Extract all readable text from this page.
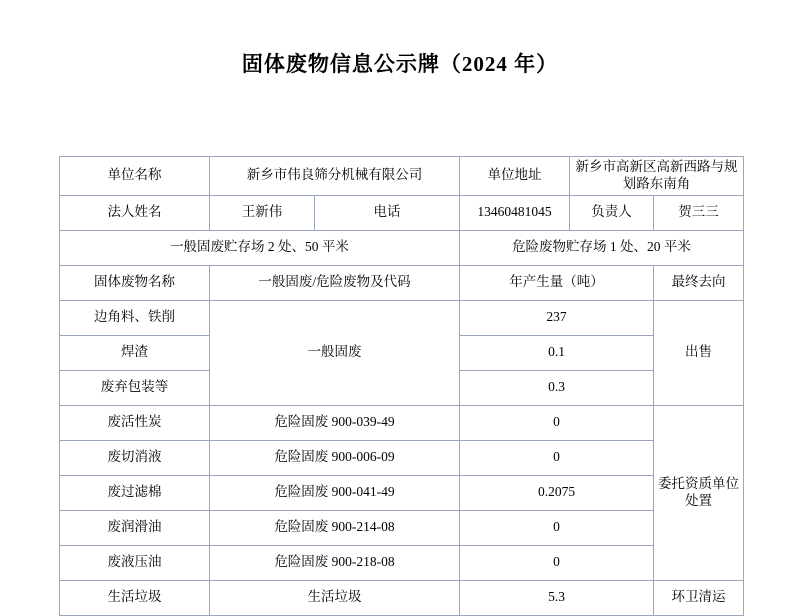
固体废物信息公示牌（2024 年）
单位名称	新乡市伟良筛分机械有限公司		单位地址	新乡市高新区高新西路与规划路东南角	
法人姓名	王新伟	电话	13460481045	负责人	贺三三
一般固废贮存场 2 处、50 平米			危险废物贮存场 1 处、20 平米		
固体废物名称	一般固废/危险废物及代码		年产生量（吨）		最终去向
边角料、铁削	一般固废		237		出售
焊渣			0.1		
废弃包装等			0.3		
废活性炭	危险固废 900-039-49		0		委托资质单位处置
废切消液	危险固废 900-006-09		0		
废过滤棉	危险固废 900-041-49		0.2075		
废润滑油	危险固废 900-214-08		0		
废液压油	危险固废 900-218-08		0		
生活垃圾	生活垃圾		5.3		环卫清运
